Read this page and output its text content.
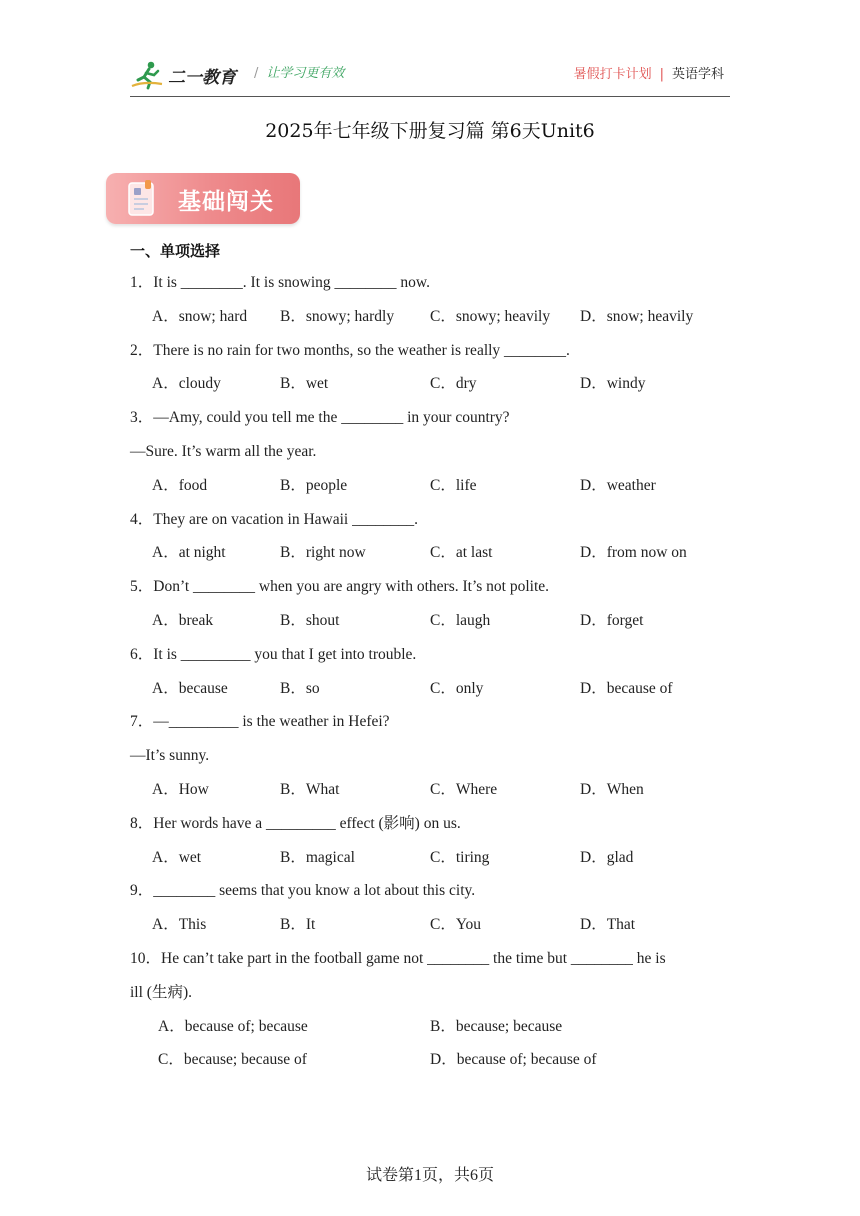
二一教育 / 让学习更有效	暑假打卡计划 | 英语学科
2025年七年级下册复习篇 第6天Unit6
基础闯关
一、单项选择
1．It is ________. It is snowing ________ now.
A．snow; hard B．snowy; hardly C．snowy; heavily D．snow; heavily
2．There is no rain for two months, so the weather is really ________.
A．cloudy	B．wet	C．dry	D．windy
3．—Amy, could you tell me the ________ in your country?
—Sure. It’s warm all the year.
A．food	B．people	C．life	D．weather
4．They are on vacation in Hawaii ________.
A．at night	B．right now	C．at last	D．from now on
5．Don’t ________ when you are angry with others. It’s not polite.
A．break	B．shout	C．laugh	D．forget
6．It is _________ you that I get into trouble.
A．because	B．so	C．only	D．because of
7．—_________ is the weather in Hefei?
—It’s sunny.
A．How	B．What	C．Where	D．When
8．Her words have a _________ effect (影响) on us.
A．wet	B．magical	C．tiring	D．glad
9．________ seems that you know a lot about this city.
A．This	B．It	C．You	D．That
10．He can’t take part in the football game not ________ the time but ________ he is
ill (生病).
A．because of; because	B．because; because
C．because; because of	D．because of; because of
试卷第1页，共6页
